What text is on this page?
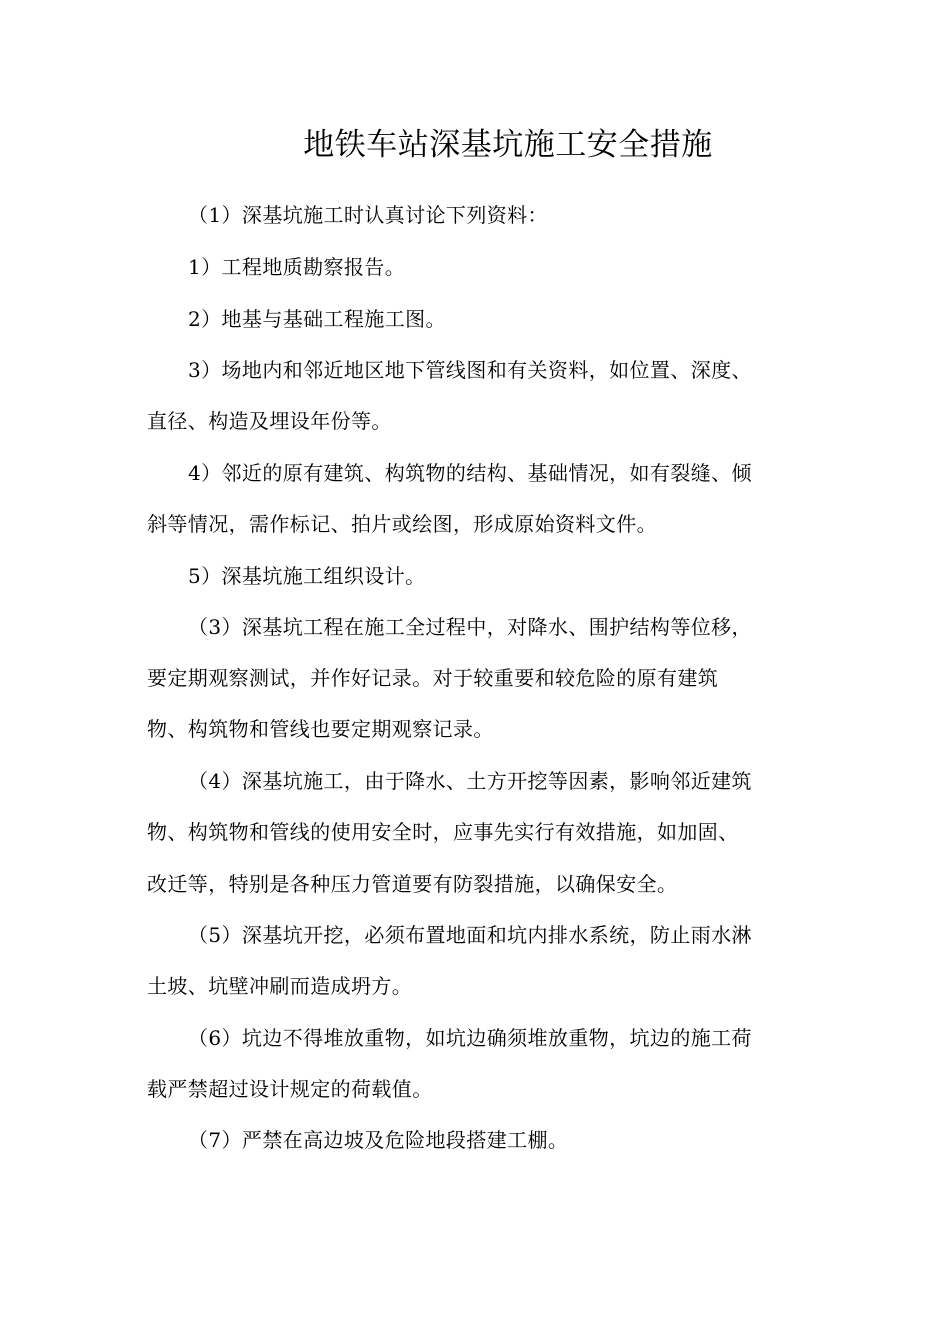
地铁车站深基坑施工安全措施
（1）深基坑施工时认真讨论下列资料：
1）工程地质勘察报告。
2）地基与基础工程施工图。
3）场地内和邻近地区地下管线图和有关资料，如位置、深度、
直径、构造及埋设年份等。
4）邻近的原有建筑、构筑物的结构、基础情况，如有裂缝、倾
斜等情况，需作标记、拍片或绘图，形成原始资料文件。
5）深基坑施工组织设计。
（3）深基坑工程在施工全过程中，对降水、围护结构等位移，
要定期观察测试，并作好记录。对于较重要和较危险的原有建筑
物、构筑物和管线也要定期观察记录。
（4）深基坑施工，由于降水、土方开挖等因素，影响邻近建筑
物、构筑物和管线的使用安全时，应事先实行有效措施，如加固、
改迁等，特别是各种压力管道要有防裂措施，以确保安全。
（5）深基坑开挖，必须布置地面和坑内排水系统，防止雨水淋
土坡、坑壁冲刷而造成坍方。
（6）坑边不得堆放重物，如坑边确须堆放重物，坑边的施工荷
载严禁超过设计规定的荷载值。
（7）严禁在高边坡及危险地段搭建工棚。
